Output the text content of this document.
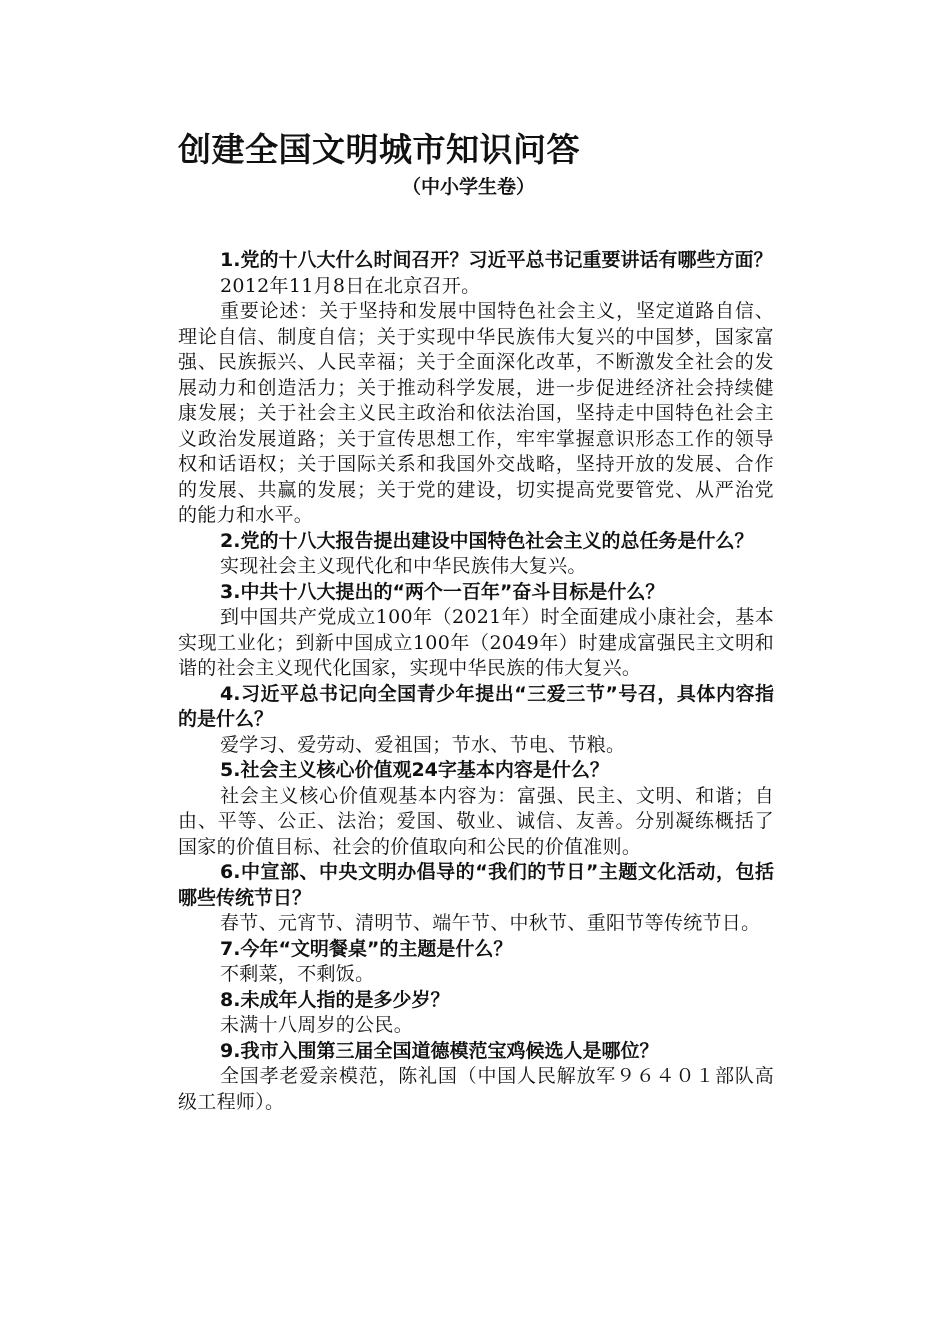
创建全国文明城市知识问答
（中小学生卷）

1.党的十八大什么时间召开？习近平总书记重要讲话有哪些方面？

2012年11月8日在北京召开。

重要论述：关于坚持和发展中国特色社会主义，坚定道路自信、理论自信、制度自信；关于实现中华民族伟大复兴的中国梦，国家富强、民族振兴、人民幸福；关于全面深化改革，不断激发全社会的发展动力和创造活力；关于推动科学发展，进一步促进经济社会持续健康发展；关于社会主义民主政治和依法治国，坚持走中国特色社会主义政治发展道路；关于宣传思想工作，牢牢掌握意识形态工作的领导权和话语权；关于国际关系和我国外交战略，坚持开放的发展、合作的发展、共赢的发展；关于党的建设，切实提高党要管党、从严治党的能力和水平。

2.党的十八大报告提出建设中国特色社会主义的总任务是什么？

实现社会主义现代化和中华民族伟大复兴。

3.中共十八大提出的“两个一百年”奋斗目标是什么？

到中国共产党成立100年（2021年）时全面建成小康社会，基本实现工业化；到新中国成立100年（2049年）时建成富强民主文明和谐的社会主义现代化国家，实现中华民族的伟大复兴。

4.习近平总书记向全国青少年提出“三爱三节”号召，具体内容指的是什么？

爱学习、爱劳动、爱祖国；节水、节电、节粮。

5.社会主义核心价值观24字基本内容是什么？

社会主义核心价值观基本内容为：富强、民主、文明、和谐；自由、平等、公正、法治；爱国、敬业、诚信、友善。分别凝练概括了国家的价值目标、社会的价值取向和公民的价值准则。

6.中宣部、中央文明办倡导的“我们的节日”主题文化活动，包括哪些传统节日？

春节、元宵节、清明节、端午节、中秋节、重阳节等传统节日。

7.今年“文明餐桌”的主题是什么？

不剩菜，不剩饭。

8.未成年人指的是多少岁？

未满十八周岁的公民。

9.我市入围第三届全国道德模范宝鸡候选人是哪位？

全国孝老爱亲模范，陈礼国（中国人民解放军９６４０１部队高级工程师）。
